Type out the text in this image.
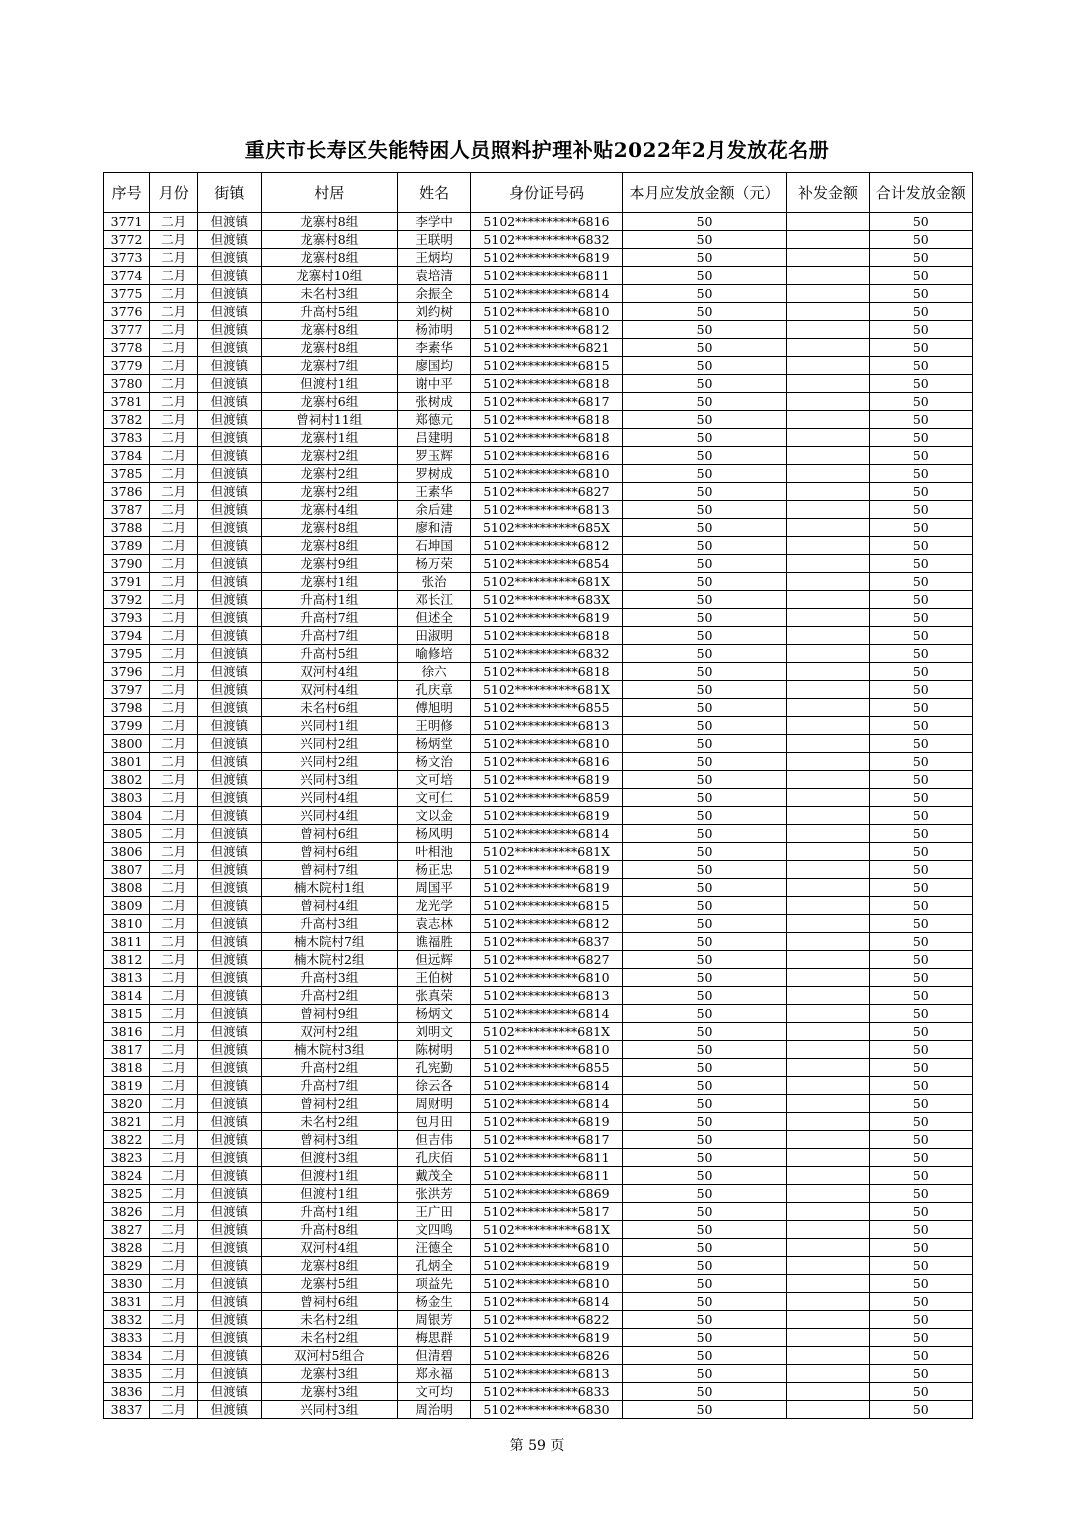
重庆市长寿区失能特困人员照料护理补贴2022年2月发放花名册
序号	月份	街镇	村居	姓名	身份证号码	本月应发放金额（元）	补发金额	合计发放金额
3771	二月	但渡镇	龙寨村8组	李学中	5102**********6816	50		50
3772	二月	但渡镇	龙寨村8组	王联明	5102**********6832	50		50
3773	二月	但渡镇	龙寨村8组	王炳均	5102**********6819	50		50
3774	二月	但渡镇	龙寨村10组	袁培清	5102**********6811	50		50
3775	二月	但渡镇	未名村3组	余振全	5102**********6814	50		50
3776	二月	但渡镇	升高村5组	刘约树	5102**********6810	50		50
3777	二月	但渡镇	龙寨村8组	杨沛明	5102**********6812	50		50
3778	二月	但渡镇	龙寨村8组	李素华	5102**********6821	50		50
3779	二月	但渡镇	龙寨村7组	廖国均	5102**********6815	50		50
3780	二月	但渡镇	但渡村1组	谢中平	5102**********6818	50		50
3781	二月	但渡镇	龙寨村6组	张树成	5102**********6817	50		50
3782	二月	但渡镇	曾祠村11组	郑德元	5102**********6818	50		50
3783	二月	但渡镇	龙寨村1组	吕建明	5102**********6818	50		50
3784	二月	但渡镇	龙寨村2组	罗玉辉	5102**********6816	50		50
3785	二月	但渡镇	龙寨村2组	罗树成	5102**********6810	50		50
3786	二月	但渡镇	龙寨村2组	王素华	5102**********6827	50		50
3787	二月	但渡镇	龙寨村4组	余后建	5102**********6813	50		50
3788	二月	但渡镇	龙寨村8组	廖和清	5102**********685X	50		50
3789	二月	但渡镇	龙寨村8组	石坤国	5102**********6812	50		50
3790	二月	但渡镇	龙寨村9组	杨万荣	5102**********6854	50		50
3791	二月	但渡镇	龙寨村1组	张治	5102**********681X	50		50
3792	二月	但渡镇	升高村1组	邓长江	5102**********683X	50		50
3793	二月	但渡镇	升高村7组	但述全	5102**********6819	50		50
3794	二月	但渡镇	升高村7组	田淑明	5102**********6818	50		50
3795	二月	但渡镇	升高村5组	喻修培	5102**********6832	50		50
3796	二月	但渡镇	双河村4组	徐六	5102**********6818	50		50
3797	二月	但渡镇	双河村4组	孔庆章	5102**********681X	50		50
3798	二月	但渡镇	未名村6组	傅旭明	5102**********6855	50		50
3799	二月	但渡镇	兴同村1组	王明修	5102**********6813	50		50
3800	二月	但渡镇	兴同村2组	杨炳堂	5102**********6810	50		50
3801	二月	但渡镇	兴同村2组	杨文治	5102**********6816	50		50
3802	二月	但渡镇	兴同村3组	文可培	5102**********6819	50		50
3803	二月	但渡镇	兴同村4组	文可仁	5102**********6859	50		50
3804	二月	但渡镇	兴同村4组	文以金	5102**********6819	50		50
3805	二月	但渡镇	曾祠村6组	杨风明	5102**********6814	50		50
3806	二月	但渡镇	曾祠村6组	叶相池	5102**********681X	50		50
3807	二月	但渡镇	曾祠村7组	杨正忠	5102**********6819	50		50
3808	二月	但渡镇	楠木院村1组	周国平	5102**********6819	50		50
3809	二月	但渡镇	曾祠村4组	龙光学	5102**********6815	50		50
3810	二月	但渡镇	升高村3组	袁志林	5102**********6812	50		50
3811	二月	但渡镇	楠木院村7组	谯福胜	5102**********6837	50		50
3812	二月	但渡镇	楠木院村2组	但远辉	5102**********6827	50		50
3813	二月	但渡镇	升高村3组	王伯树	5102**********6810	50		50
3814	二月	但渡镇	升高村2组	张真荣	5102**********6813	50		50
3815	二月	但渡镇	曾祠村9组	杨炳文	5102**********6814	50		50
3816	二月	但渡镇	双河村2组	刘明文	5102**********681X	50		50
3817	二月	但渡镇	楠木院村3组	陈树明	5102**********6810	50		50
3818	二月	但渡镇	升高村2组	孔宪勤	5102**********6855	50		50
3819	二月	但渡镇	升高村7组	徐云各	5102**********6814	50		50
3820	二月	但渡镇	曾祠村2组	周财明	5102**********6814	50		50
3821	二月	但渡镇	未名村2组	包月田	5102**********6819	50		50
3822	二月	但渡镇	曾祠村3组	但吉伟	5102**********6817	50		50
3823	二月	但渡镇	但渡村3组	孔庆佰	5102**********6811	50		50
3824	二月	但渡镇	但渡村1组	戴茂全	5102**********6811	50		50
3825	二月	但渡镇	但渡村1组	张洪芳	5102**********6869	50		50
3826	二月	但渡镇	升高村1组	王广田	5102**********5817	50		50
3827	二月	但渡镇	升高村8组	文四鸣	5102**********681X	50		50
3828	二月	但渡镇	双河村4组	汪德全	5102**********6810	50		50
3829	二月	但渡镇	龙寨村8组	孔炳全	5102**********6819	50		50
3830	二月	但渡镇	龙寨村5组	项益先	5102**********6810	50		50
3831	二月	但渡镇	曾祠村6组	杨金生	5102**********6814	50		50
3832	二月	但渡镇	未名村2组	周银芳	5102**********6822	50		50
3833	二月	但渡镇	未名村2组	梅思群	5102**********6819	50		50
3834	二月	但渡镇	双河村5组合	但清碧	5102**********6826	50		50
3835	二月	但渡镇	龙寨村3组	郑永福	5102**********6813	50		50
3836	二月	但渡镇	龙寨村3组	文可均	5102**********6833	50		50
3837	二月	但渡镇	兴同村3组	周治明	5102**********6830	50		50
第 59 页
